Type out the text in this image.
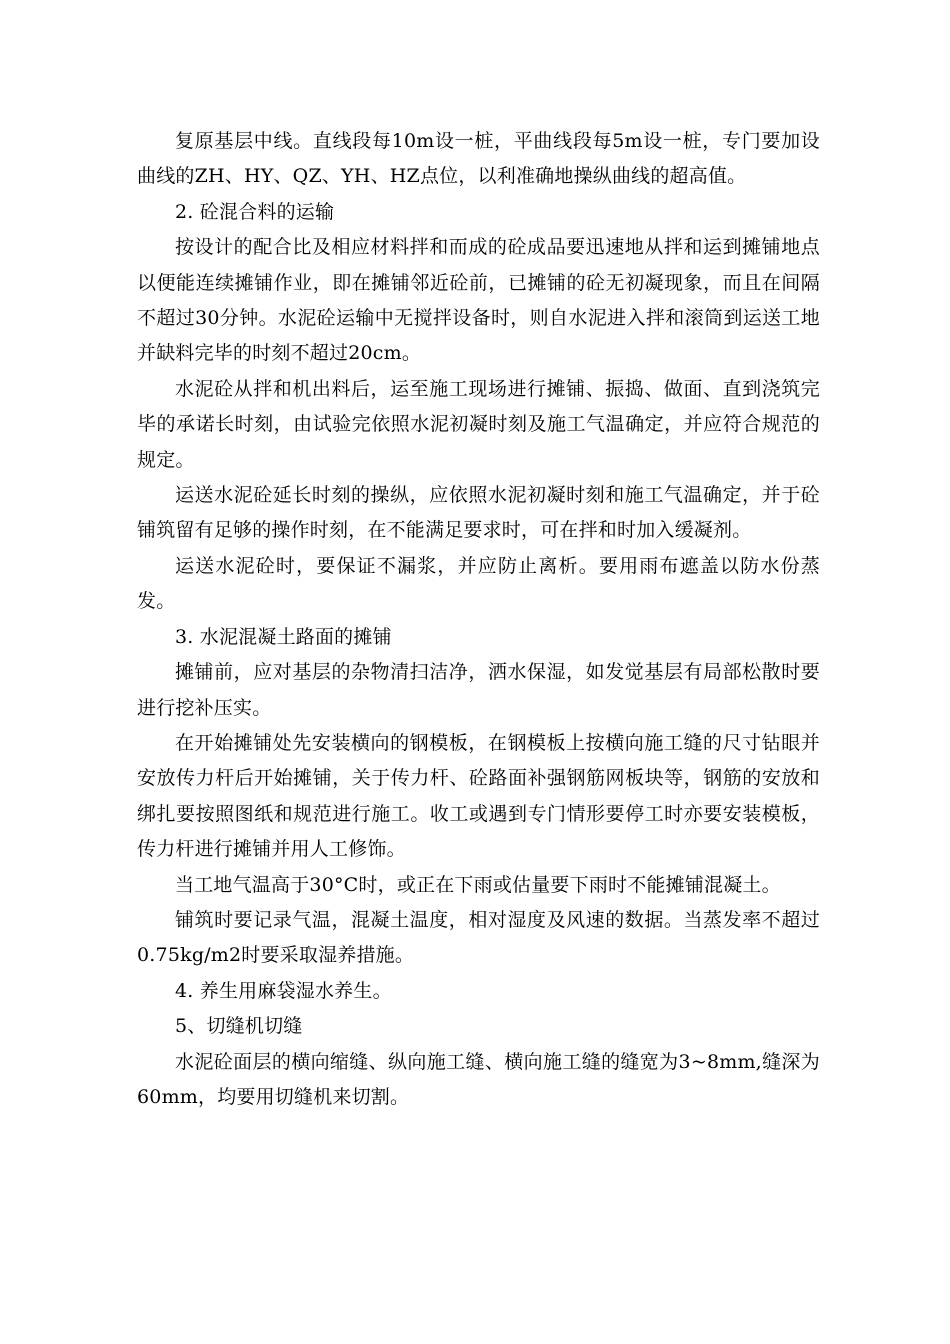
复原基层中线。直线段每10m设一桩，平曲线段每5m设一桩，专门要加设曲线的ZH、HY、QZ、YH、HZ点位，以利准确地操纵曲线的超高值。

2. 砼混合料的运输

按设计的配合比及相应材料拌和而成的砼成品要迅速地从拌和运到摊铺地点以便能连续摊铺作业，即在摊铺邻近砼前，已摊铺的砼无初凝现象，而且在间隔不超过30分钟。水泥砼运输中无搅拌设备时，则自水泥进入拌和滚筒到运送工地并缺料完毕的时刻不超过20cm。

水泥砼从拌和机出料后，运至施工现场进行摊铺、振捣、做面、直到浇筑完毕的承诺长时刻，由试验完依照水泥初凝时刻及施工气温确定，并应符合规范的规定。

运送水泥砼延长时刻的操纵，应依照水泥初凝时刻和施工气温确定，并于砼铺筑留有足够的操作时刻，在不能满足要求时，可在拌和时加入缓凝剂。

运送水泥砼时，要保证不漏浆，并应防止离析。要用雨布遮盖以防水份蒸发。

3. 水泥混凝土路面的摊铺

摊铺前，应对基层的杂物清扫洁净，洒水保湿，如发觉基层有局部松散时要进行挖补压实。

在开始摊铺处先安装横向的钢模板，在钢模板上按横向施工缝的尺寸钻眼并安放传力杆后开始摊铺，关于传力杆、砼路面补强钢筋网板块等，钢筋的安放和绑扎要按照图纸和规范进行施工。收工或遇到专门情形要停工时亦要安装模板，传力杆进行摊铺并用人工修饰。

当工地气温高于30°C时，或正在下雨或估量要下雨时不能摊铺混凝土。

铺筑时要记录气温，混凝土温度，相对湿度及风速的数据。当蒸发率不超过0.75kg/m2时要采取湿养措施。

4. 养生用麻袋湿水养生。

5、切缝机切缝

水泥砼面层的横向缩缝、纵向施工缝、横向施工缝的缝宽为3~8mm,缝深为60mm，均要用切缝机来切割。
